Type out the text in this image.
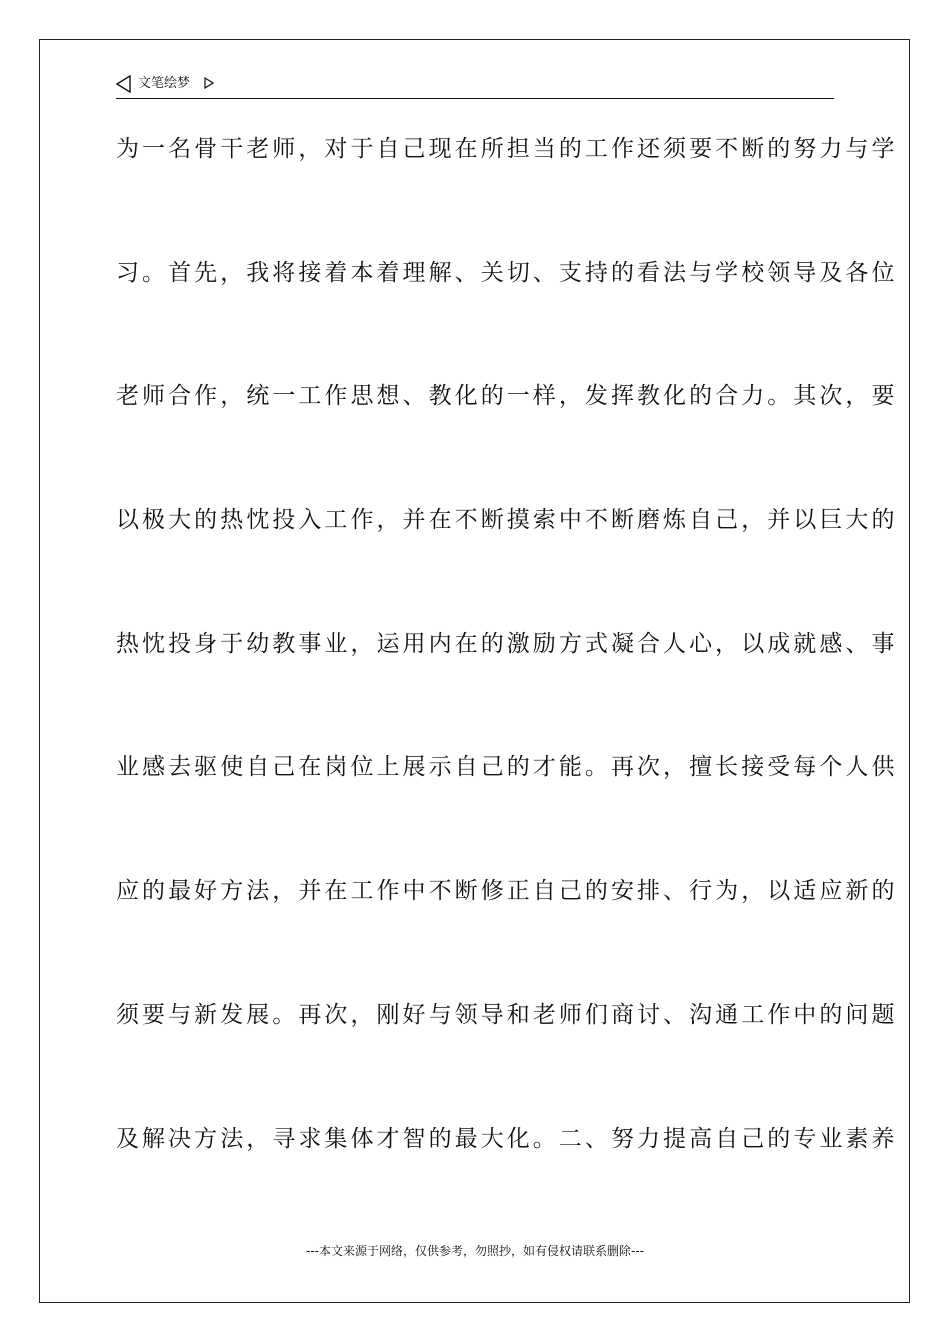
文笔绘梦
为一名骨干老师，对于自己现在所担当的工作还须要不断的努力与学
习。首先，我将接着本着理解、关切、支持的看法与学校领导及各位
老师合作，统一工作思想、教化的一样，发挥教化的合力。其次，要
以极大的热忱投入工作，并在不断摸索中不断磨炼自己，并以巨大的
热忱投身于幼教事业，运用内在的激励方式凝合人心，以成就感、事
业感去驱使自己在岗位上展示自己的才能。再次，擅长接受每个人供
应的最好方法，并在工作中不断修正自己的安排、行为，以适应新的
须要与新发展。再次，刚好与领导和老师们商讨、沟通工作中的问题
及解决方法，寻求集体才智的最大化。二、努力提高自己的专业素养
---本文来源于网络，仅供参考，勿照抄，如有侵权请联系删除---
